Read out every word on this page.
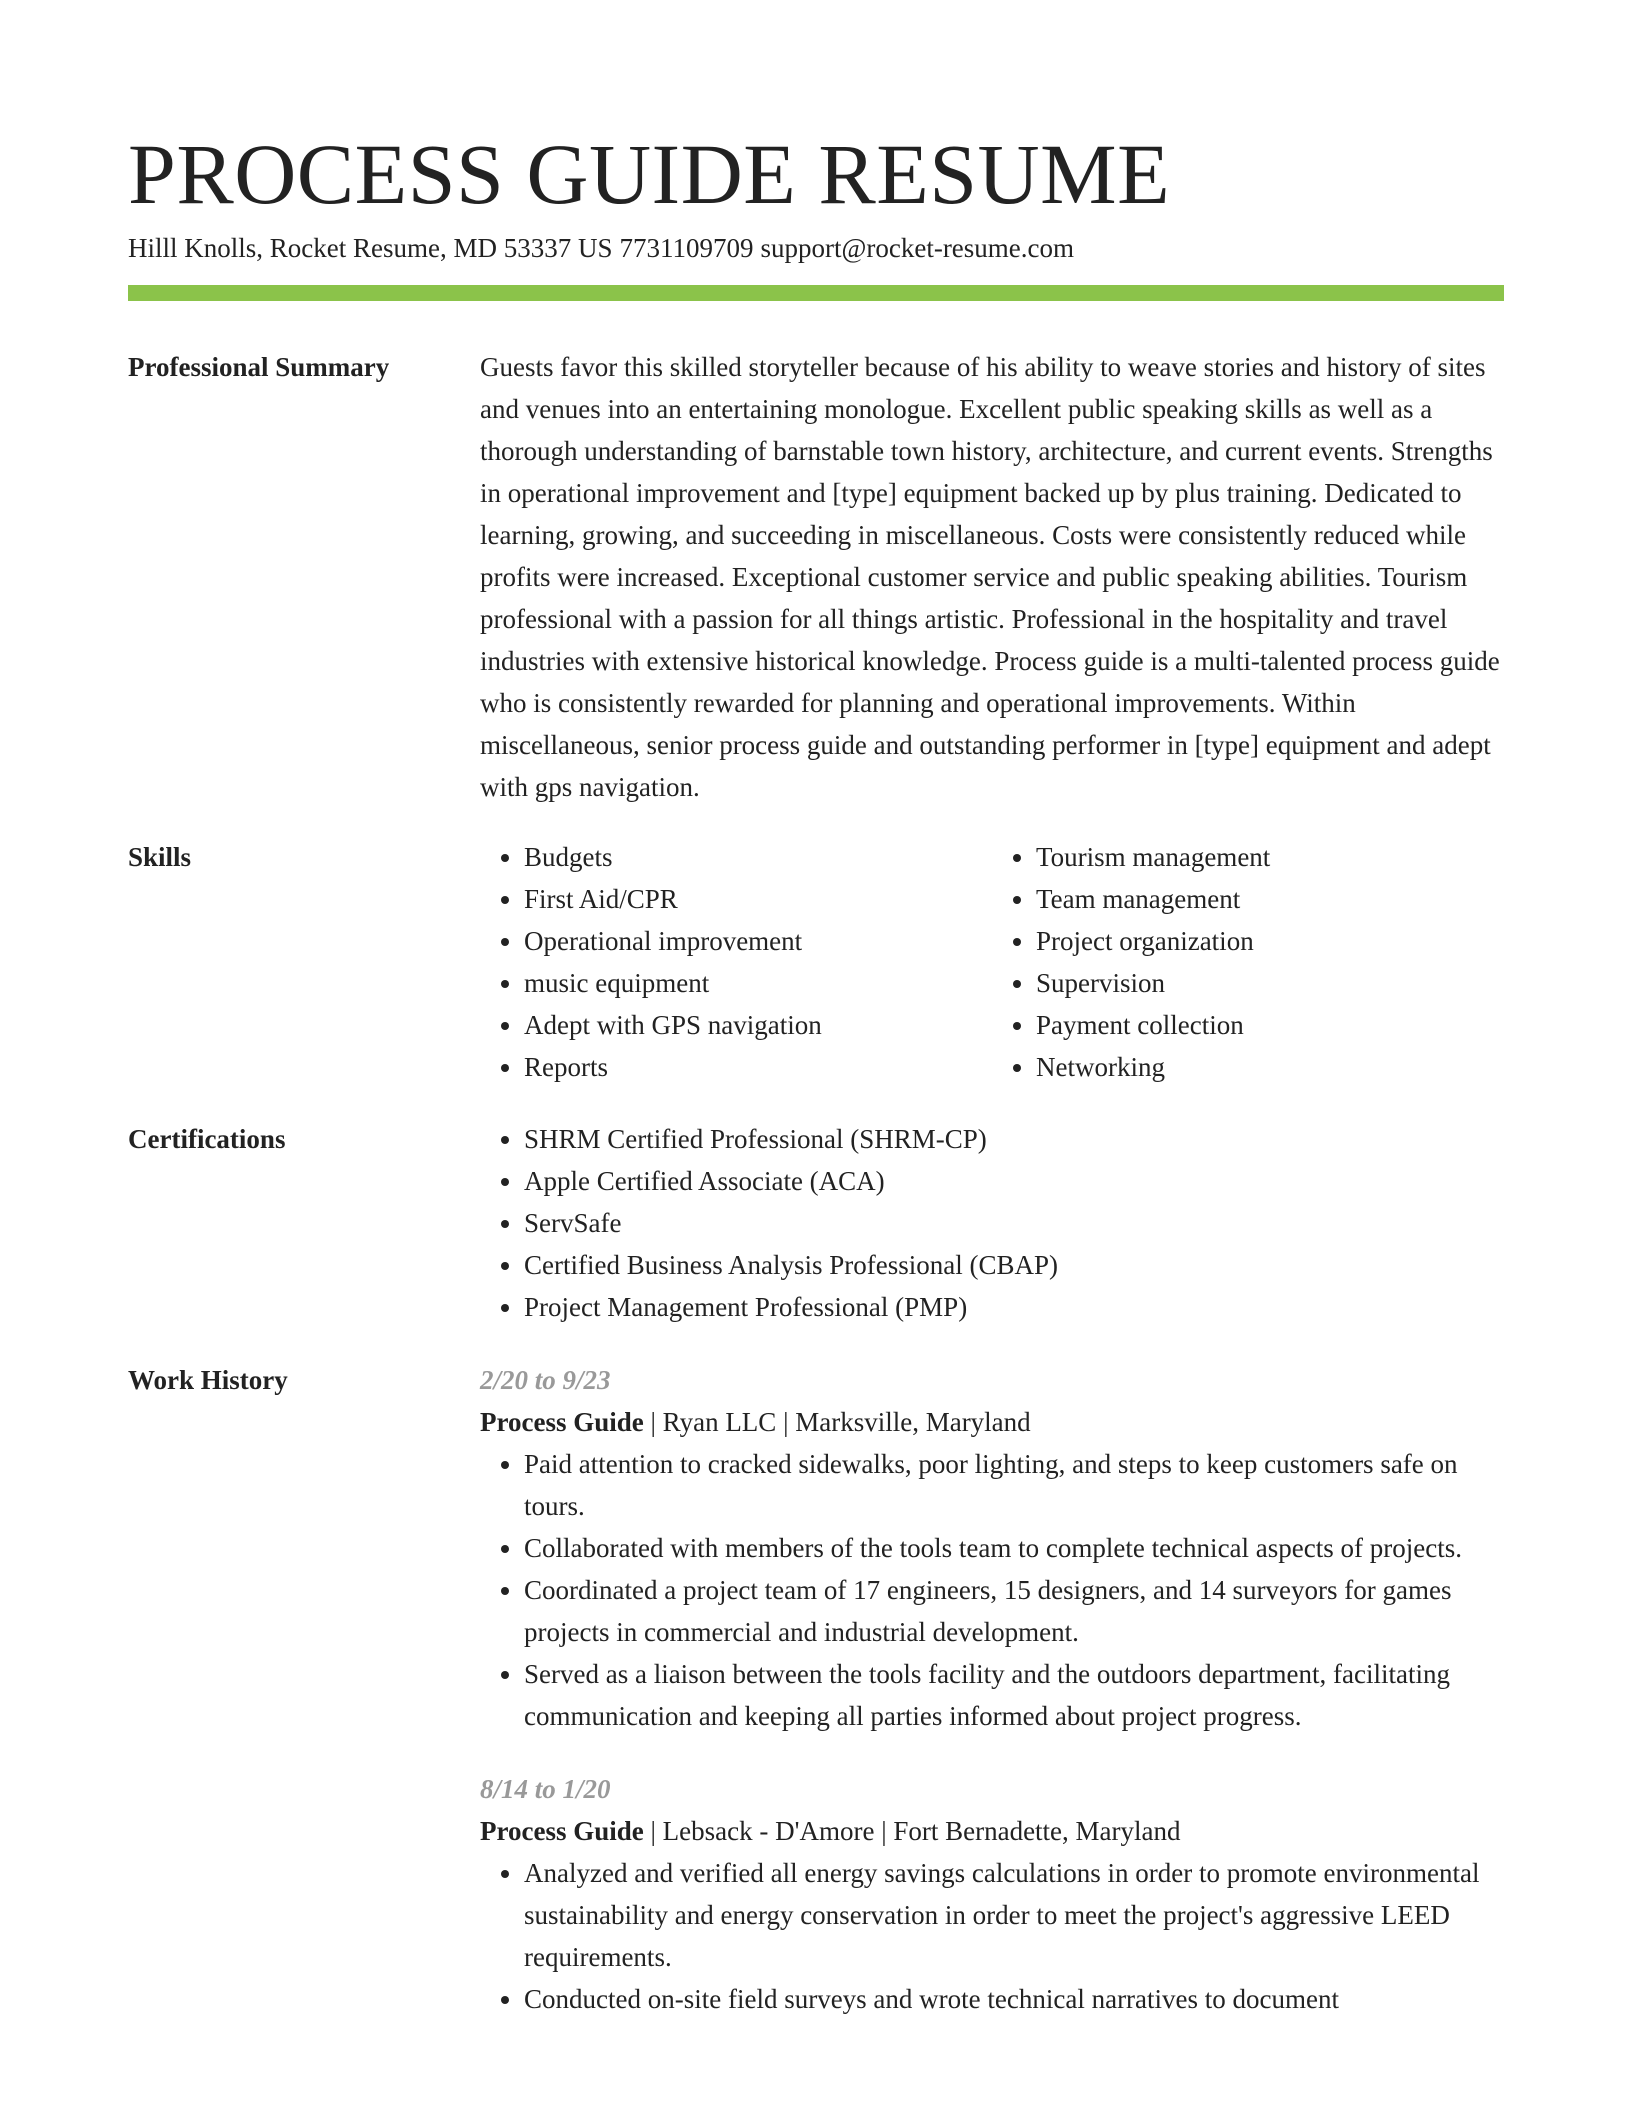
PROCESS GUIDE RESUME
Hilll Knolls, Rocket Resume, MD 53337 US 7731109709 support@rocket-resume.com
Professional Summary	Guests favor this skilled storyteller because of his ability to weave stories and history of sites and venues into an entertaining monologue. Excellent public speaking skills as well as a thorough understanding of barnstable town history, architecture, and current events. Strengths in operational improvement and [type] equipment backed up by plus training. Dedicated to learning, growing, and succeeding in miscellaneous. Costs were consistently reduced while profits were increased. Exceptional customer service and public speaking abilities. Tourism professional with a passion for all things artistic. Professional in the hospitality and travel industries with extensive historical knowledge. Process guide is a multi-talented process guide who is consistently rewarded for planning and operational improvements. Within miscellaneous, senior process guide and outstanding performer in [type] equipment and adept with gps navigation.

Skills	• Budgets
• First Aid/CPR
• Operational improvement
• music equipment
• Adept with GPS navigation
• Reports
• Tourism management
• Team management
• Project organization
• Supervision
• Payment collection
• Networking
Certifications	• SHRM Certified Professional (SHRM-CP)
• Apple Certified Associate (ACA)
• ServSafe
• Certified Business Analysis Professional (CBAP)
• Project Management Professional (PMP)
Work History	2/20 to 9/23
Process Guide | Ryan LLC | Marksville, Maryland
• Paid attention to cracked sidewalks, poor lighting, and steps to keep customers safe on tours.
• Collaborated with members of the tools team to complete technical aspects of projects.
• Coordinated a project team of 17 engineers, 15 designers, and 14 surveyors for games projects in commercial and industrial development.
• Served as a liaison between the tools facility and the outdoors department, facilitating communication and keeping all parties informed about project progress.
8/14 to 1/20
Process Guide | Lebsack - D'Amore | Fort Bernadette, Maryland
• Analyzed and verified all energy savings calculations in order to promote environmental sustainability and energy conservation in order to meet the project's aggressive LEED requirements.
• Conducted on-site field surveys and wrote technical narratives to document
